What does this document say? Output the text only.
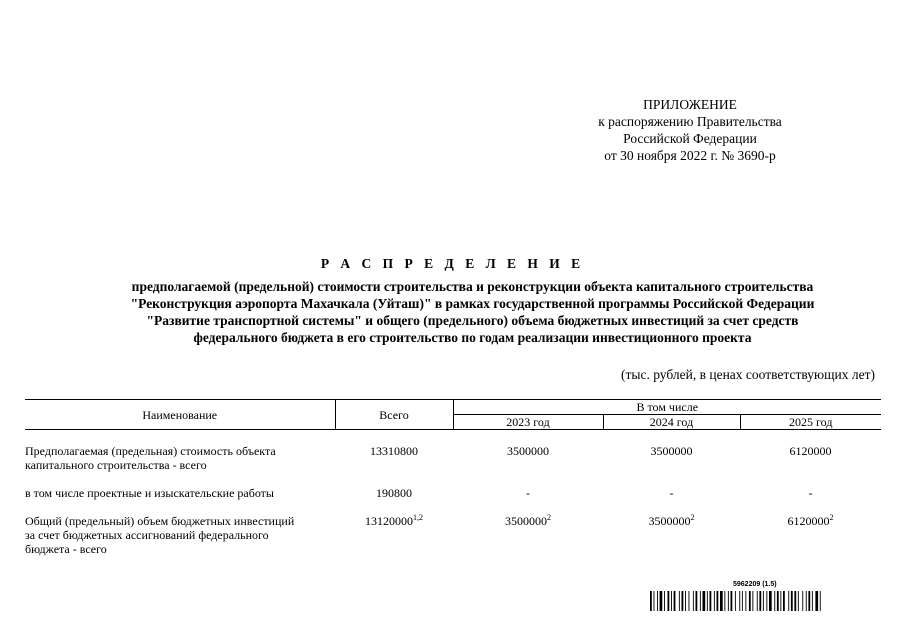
ПРИЛОЖЕНИЕ
к распоряжению Правительства
Российской Федерации
от 30 ноября 2022 г. № 3690-р
Р А С П Р Е Д Е Л Е Н И Е
предполагаемой (предельной) стоимости строительства и реконструкции объекта капитального строительства
"Реконструкция аэропорта Махачкала (Уйташ)" в рамках государственной программы Российской Федерации
"Развитие транспортной системы" и общего (предельного) объема бюджетных инвестиций за счет средств
федерального бюджета в его строительство по годам реализации инвестиционного проекта
(тыс. рублей, в ценах соответствующих лет)
Наименование	Всего	В том числе		
		2023 год	2024 год	2025 год

Предполагаемая (предельная) стоимость объекта
капитального строительства - всего	13310800	3500000	3500000	6120000

в том числе проектные и изыскательские работы	190800	-	-	-

Общий (предельный) объем бюджетных инвестиций
за счет бюджетных ассигнований федерального
бюджета - всего	13120000$^{1,2}$	3500000$^2$	3500000$^2$	6120000$^2$
5962209 (1.5)
